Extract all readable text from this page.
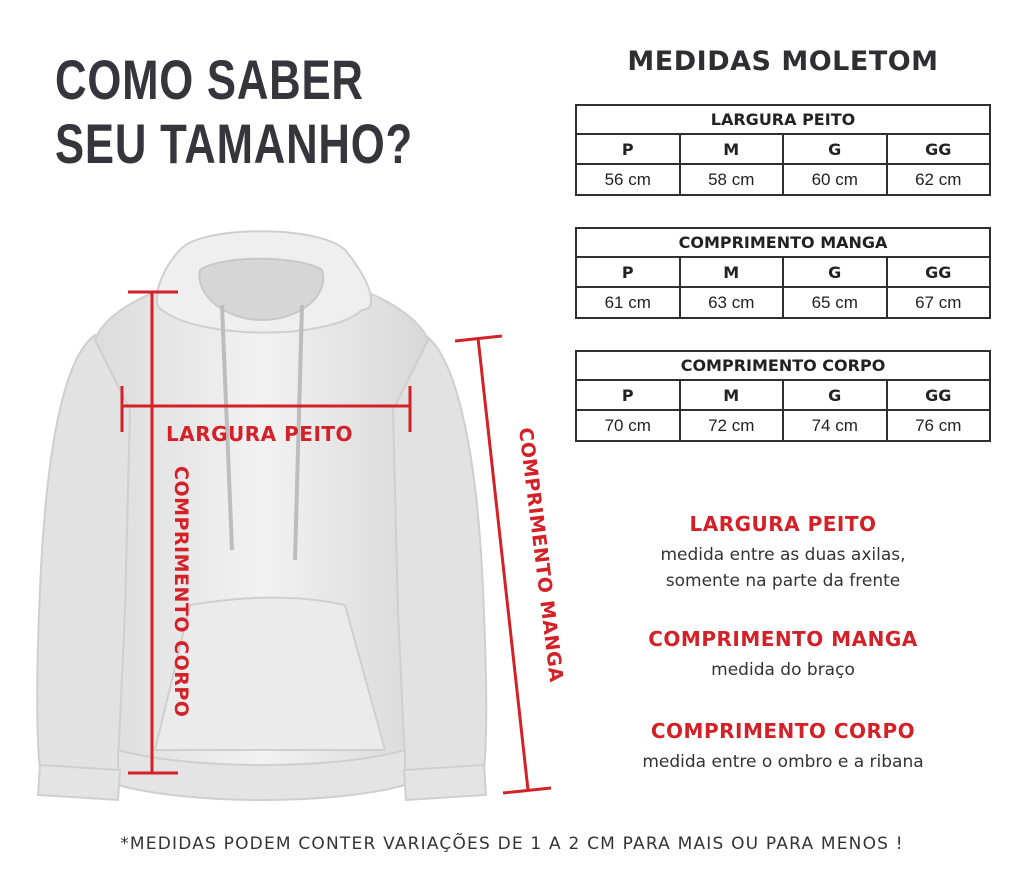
COMO SABER
SEU TAMANHO?
LARGURA PEITO
COMPRIMENTO CORPO	COMPRIMENTO MANGA
MEDIDAS MOLETOM
LARGURA PEITO			
P	M	G	GG
56 cm	58 cm	60 cm	62 cm
COMPRIMENTO MANGA			
P	M	G	GG
61 cm	63 cm	65 cm	67 cm
COMPRIMENTO CORPO			
P	M	G	GG
70 cm	72 cm	74 cm	76 cm
LARGURA PEITO
medida entre as duas axilas,
somente na parte da frente
COMPRIMENTO MANGA
medida do braço
COMPRIMENTO CORPO
medida entre o ombro e a ribana
*MEDIDAS PODEM CONTER VARIAÇÕES DE 1 A 2 CM PARA MAIS OU PARA MENOS !
